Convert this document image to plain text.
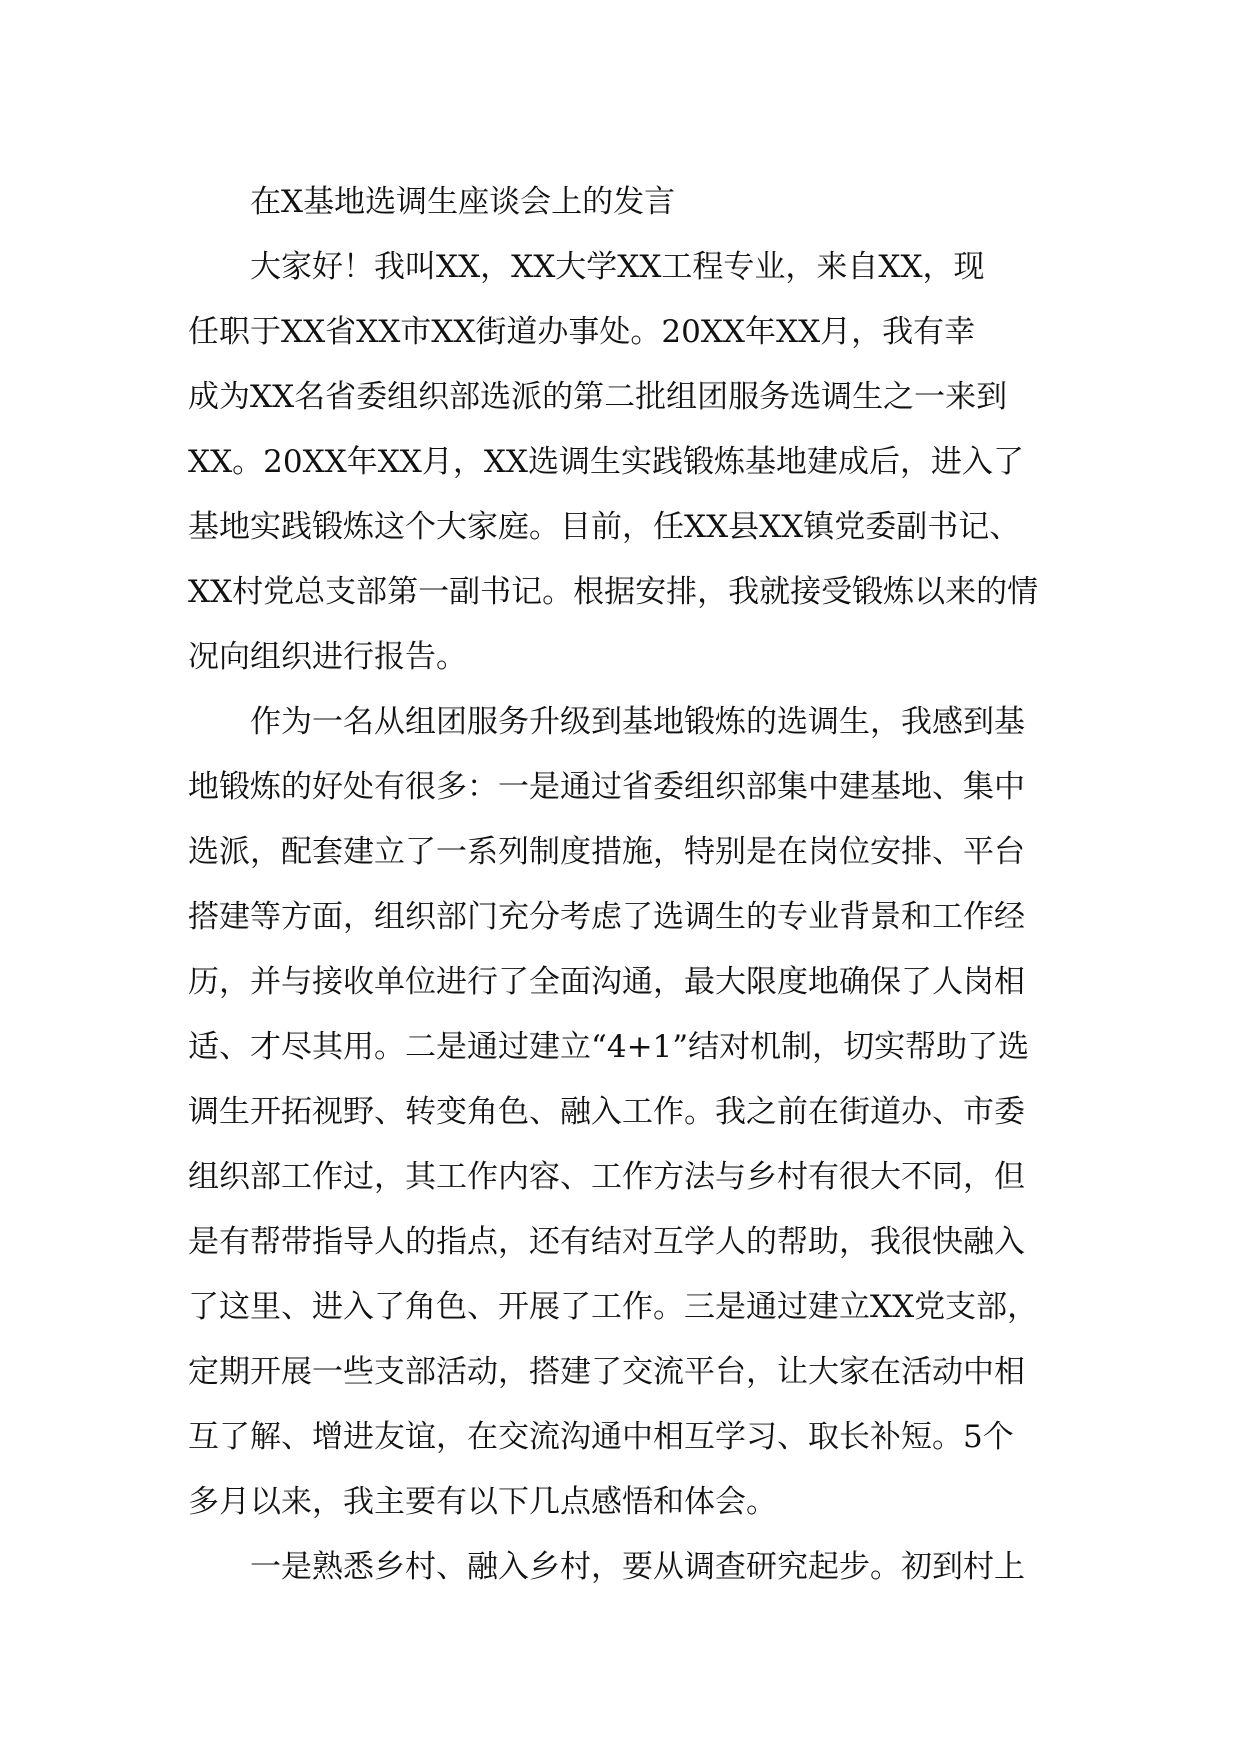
在X基地选调生座谈会上的发言
大家好！我叫XX，XX大学XX工程专业，来自XX，现
任职于XX省XX市XX街道办事处。20XX年XX月，我有幸
成为XX名省委组织部选派的第二批组团服务选调生之一来到
XX。20XX年XX月，XX选调生实践锻炼基地建成后，进入了
基地实践锻炼这个大家庭。目前，任XX县XX镇党委副书记、
XX村党总支部第一副书记。根据安排，我就接受锻炼以来的情
况向组织进行报告。
作为一名从组团服务升级到基地锻炼的选调生，我感到基
地锻炼的好处有很多：一是通过省委组织部集中建基地、集中
选派，配套建立了一系列制度措施，特别是在岗位安排、平台
搭建等方面，组织部门充分考虑了选调生的专业背景和工作经
历，并与接收单位进行了全面沟通，最大限度地确保了人岗相
适、才尽其用。二是通过建立“4+1”结对机制，切实帮助了选
调生开拓视野、转变角色、融入工作。我之前在街道办、市委
组织部工作过，其工作内容、工作方法与乡村有很大不同，但
是有帮带指导人的指点，还有结对互学人的帮助，我很快融入
了这里、进入了角色、开展了工作。三是通过建立XX党支部，
定期开展一些支部活动，搭建了交流平台，让大家在活动中相
互了解、增进友谊，在交流沟通中相互学习、取长补短。5个
多月以来，我主要有以下几点感悟和体会。
一是熟悉乡村、融入乡村，要从调查研究起步。初到村上
